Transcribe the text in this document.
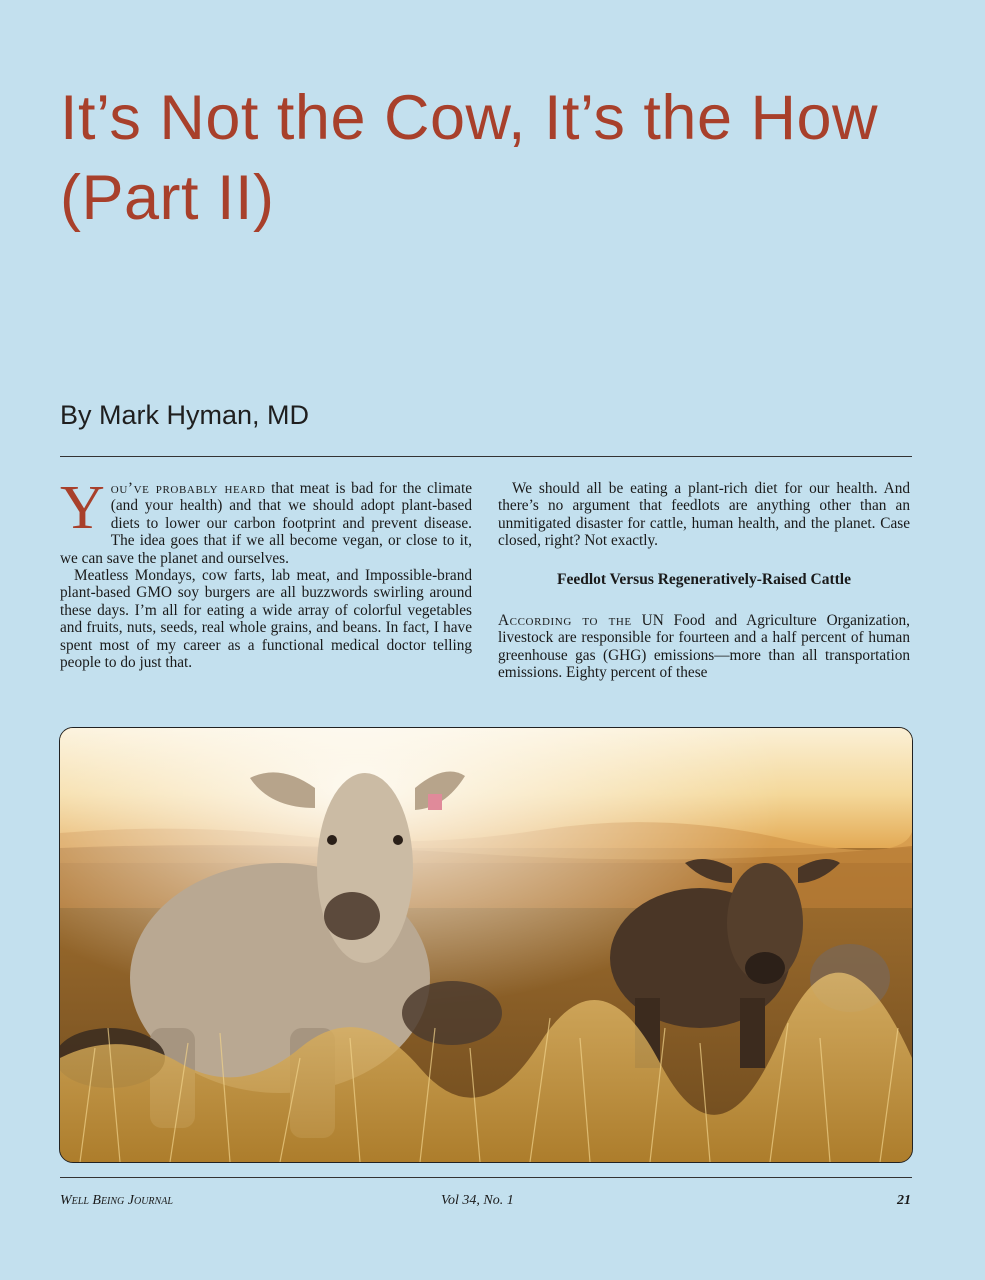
It’s Not the Cow, It’s the How (Part II)
By Mark Hyman, MD

You’ve probably heard that meat is bad for the climate (and your health) and that we should adopt plant-based diets to lower our carbon footprint and prevent disease. The idea goes that if we all become vegan, or close to it, we can save the planet and ourselves.

Meatless Mondays, cow farts, lab meat, and Impossible-brand plant-based GMO soy burgers are all buzzwords swirling around these days. I’m all for eating a wide array of colorful vegetables and fruits, nuts, seeds, real whole grains, and beans. In fact, I have spent most of my career as a functional medical doctor telling people to do just that.

We should all be eating a plant-rich diet for our health. And there’s no argument that feedlots are anything other than an unmitigated disaster for cattle, human health, and the planet. Case closed, right? Not exactly.

Feedlot Versus Regeneratively-Raised Cattle

According to the UN Food and Agriculture Organization, livestock are responsible for fourteen and a half percent of human greenhouse gas (GHG) emissions—more than all transportation emissions. Eighty percent of these

Well Being Journal	Vol 34, No. 1	21
